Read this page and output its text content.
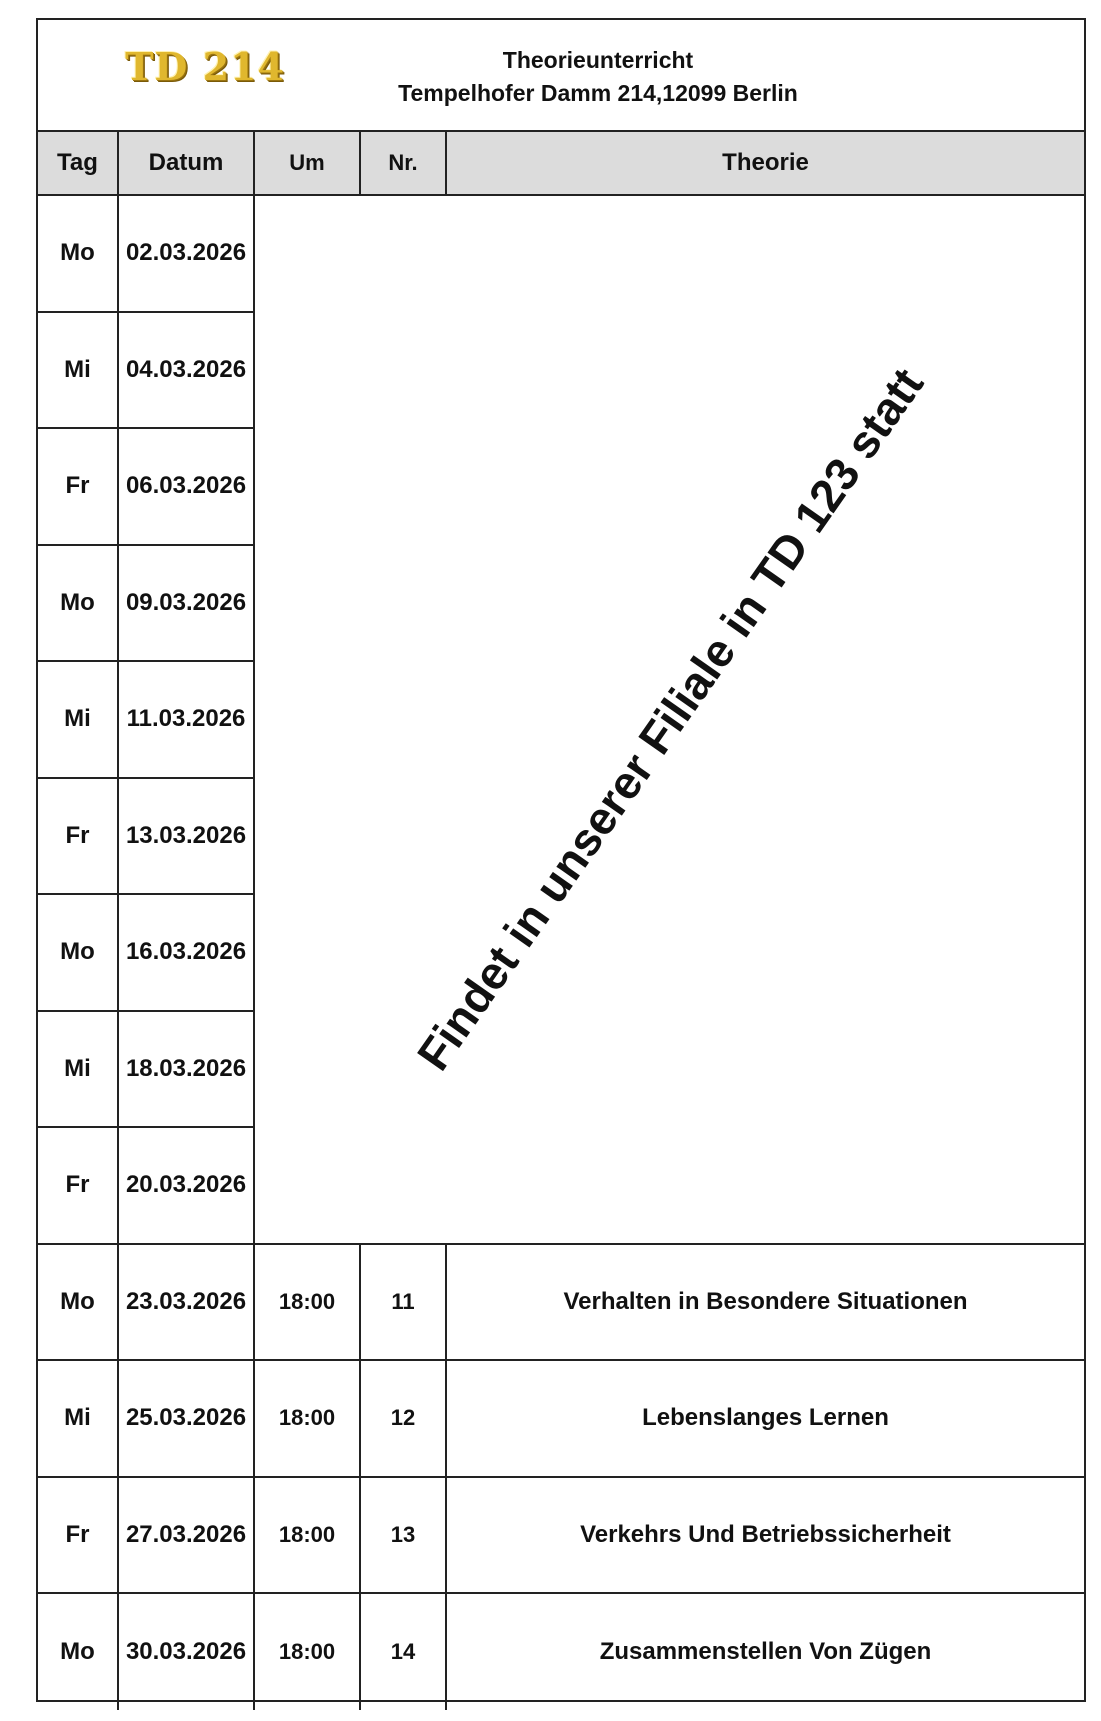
TD 214	Theorieunterricht
Tempelhofer Damm 214,12099 Berlin
Tag	Datum	Um	Nr.	Theorie
Mo	02.03.2026	Findet in unserer Filiale in TD 123 statt		

Mi	04.03.2026			
Fr	06.03.2026			
Mo	09.03.2026			
Mi	11.03.2026			
Fr	13.03.2026			
Mo	16.03.2026			
Mi	18.03.2026			
Fr	20.03.2026			
Mo	23.03.2026	18:00	11	Verhalten in Besondere Situationen
Mi	25.03.2026	18:00	12	Lebenslanges Lernen
Fr	27.03.2026	18:00	13	Verkehrs Und Betriebssicherheit
Mo	30.03.2026	18:00	14	Zusammenstellen Von Zügen
